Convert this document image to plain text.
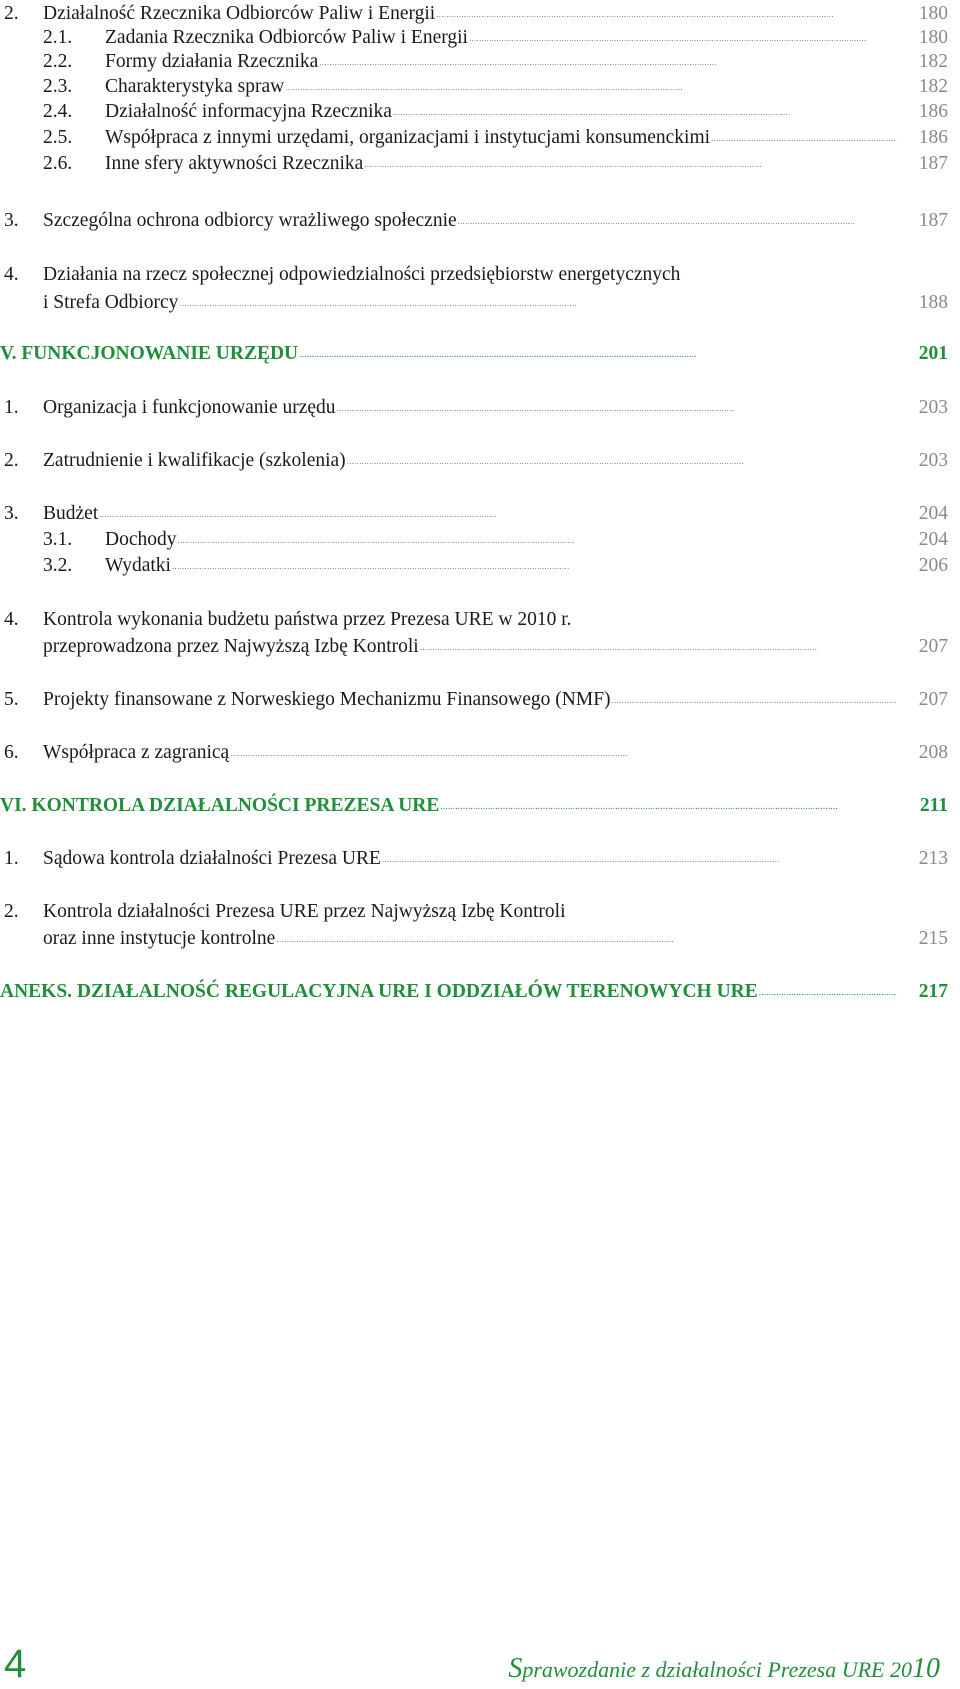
2. Działalność Rzecznika Odbiorców Paliw i Energii . . .	180
2.1. Zadania Rzecznika Odbiorców Paliw i Energii . . .	180
2.2. Formy działania Rzecznika . . .	182
2.3. Charakterystyka spraw . . .	182
2.4. Działalność informacyjna Rzecznika . . .	186
2.5. Współpraca z innymi urzędami, organizacjami i instytucjami konsumenckimi . . .	186
2.6. Inne sfery aktywności Rzecznika . . .	187
3. Szczególna ochrona odbiorcy wrażliwego społecznie . . .	187
4. Działania na rzecz społecznej odpowiedzialności przedsiębiorstw energetycznych
i Strefa Odbiorcy . . .	188
V. FUNKCJONOWANIE URZĘDU . . .	201
1. Organizacja i funkcjonowanie urzędu . . .	203
2. Zatrudnienie i kwalifikacje (szkolenia) . . .	203
3. Budżet . . .	204
3.1. Dochody . . .	204
3.2. Wydatki . . .	206
4. Kontrola wykonania budżetu państwa przez Prezesa URE w 2010 r.
przeprowadzona przez Najwyższą Izbę Kontroli . . .	207
5. Projekty finansowane z Norweskiego Mechanizmu Finansowego (NMF) . . .	207
6. Współpraca z zagranicą . . .	208
VI. KONTROLA DZIAŁALNOŚCI PREZESA URE . . .	211
1. Sądowa kontrola działalności Prezesa URE . . .	213
2. Kontrola działalności Prezesa URE przez Najwyższą Izbę Kontroli
oraz inne instytucje kontrolne . . .	215
ANEKS. DZIAŁALNOŚĆ REGULACYJNA URE I ODDZIAŁÓW TERENOWYCH URE . . .	217
4	Sprawozdanie z działalności Prezesa URE 2010
